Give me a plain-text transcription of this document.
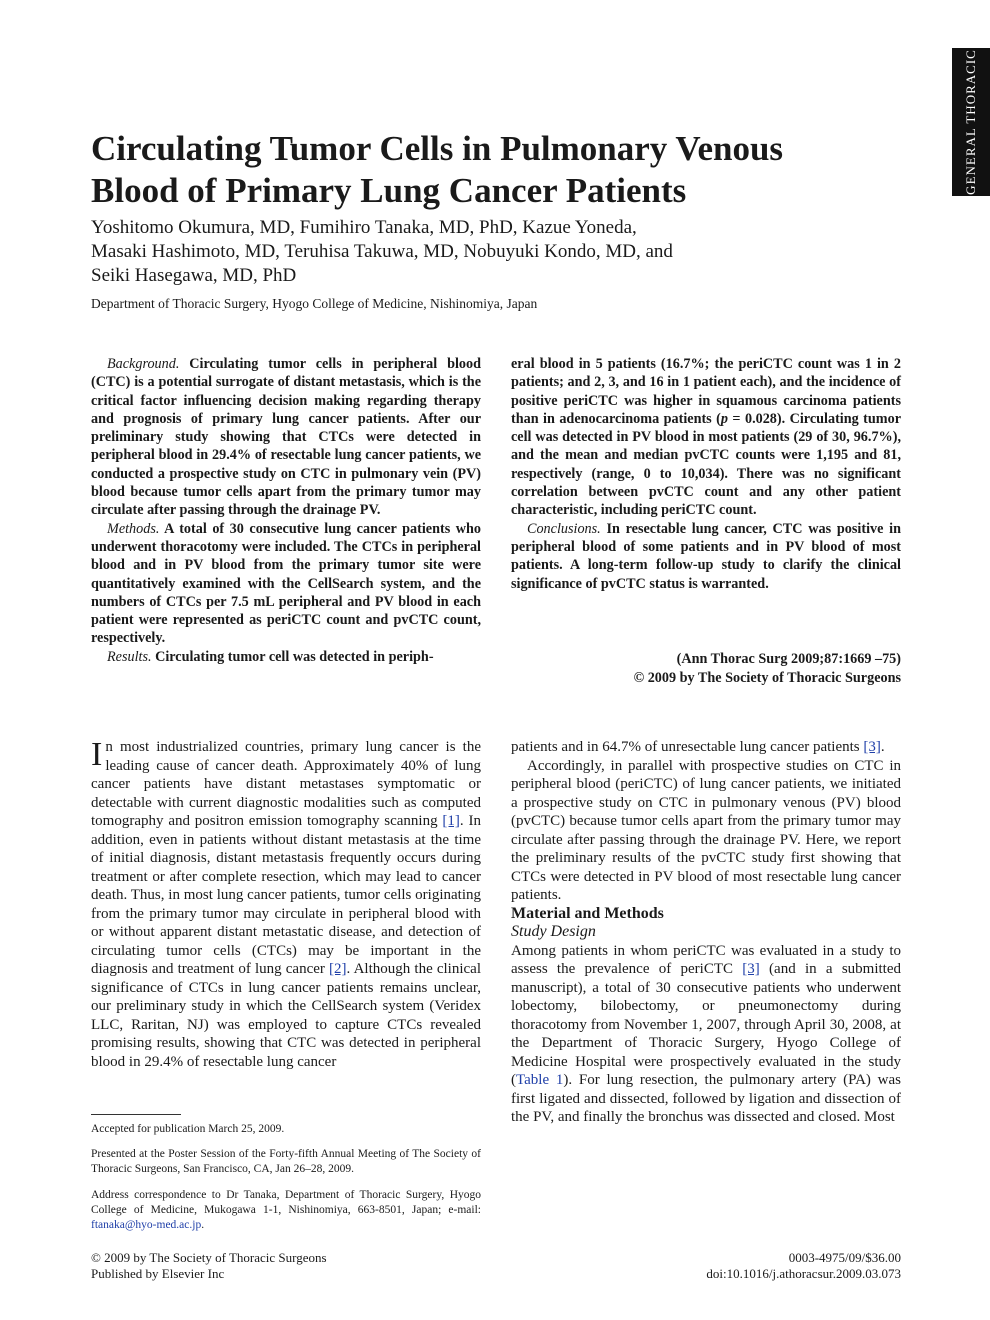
GENERAL THORACIC
Circulating Tumor Cells in Pulmonary Venous
Blood of Primary Lung Cancer Patients

Yoshitomo Okumura, MD, Fumihiro Tanaka, MD, PhD, Kazue Yoneda,
Masaki Hashimoto, MD, Teruhisa Takuwa, MD, Nobuyuki Kondo, MD, and
Seiki Hasegawa, MD, PhD

Department of Thoracic Surgery, Hyogo College of Medicine, Nishinomiya, Japan

Background. Circulating tumor cells in peripheral blood (CTC) is a potential surrogate of distant metastasis, which is the critical factor influencing decision making regarding therapy and prognosis of primary lung cancer patients. After our preliminary study showing that CTCs were detected in peripheral blood in 29.4% of resectable lung cancer patients, we conducted a prospective study on CTC in pulmonary vein (PV) blood because tumor cells apart from the primary tumor may circulate after passing through the drainage PV.

Methods. A total of 30 consecutive lung cancer patients who underwent thoracotomy were included. The CTCs in peripheral blood and in PV blood from the primary tumor site were quantitatively examined with the CellSearch system, and the numbers of CTCs per 7.5 mL peripheral and PV blood in each patient were represented as periCTC count and pvCTC count, respectively.

Results. Circulating tumor cell was detected in periph-

eral blood in 5 patients (16.7%; the periCTC count was 1 in 2 patients; and 2, 3, and 16 in 1 patient each), and the incidence of positive periCTC was higher in squamous carcinoma patients than in adenocarcinoma patients (p = 0.028). Circulating tumor cell was detected in PV blood in most patients (29 of 30, 96.7%), and the mean and median pvCTC counts were 1,195 and 81, respectively (range, 0 to 10,034). There was no significant correlation between pvCTC count and any other patient characteristic, including periCTC count.

Conclusions. In resectable lung cancer, CTC was positive in peripheral blood of some patients and in PV blood of most patients. A long-term follow-up study to clarify the clinical significance of pvCTC status is warranted.

(Ann Thorac Surg 2009;87:1669 –75)
© 2009 by The Society of Thoracic Surgeons

In most industrialized countries, primary lung cancer is the leading cause of cancer death. Approximately 40% of lung cancer patients have distant metastases symptomatic or detectable with current diagnostic modalities such as computed tomography and positron emission tomography scanning [1]. In addition, even in patients without distant metastasis at the time of initial diagnosis, distant metastasis frequently occurs during treatment or after complete resection, which may lead to cancer death. Thus, in most lung cancer patients, tumor cells originating from the primary tumor may circulate in peripheral blood with or without apparent distant metastatic disease, and detection of circulating tumor cells (CTCs) may be important in the diagnosis and treatment of lung cancer [2]. Although the clinical significance of CTCs in lung cancer patients remains unclear, our preliminary study in which the CellSearch system (Veridex LLC, Raritan, NJ) was employed to capture CTCs revealed promising results, showing that CTC was detected in peripheral blood in 29.4% of resectable lung cancer

patients and in 64.7% of unresectable lung cancer patients [3].

Accordingly, in parallel with prospective studies on CTC in peripheral blood (periCTC) of lung cancer patients, we initiated a prospective study on CTC in pulmonary venous (PV) blood (pvCTC) because tumor cells apart from the primary tumor may circulate after passing through the drainage PV. Here, we report the preliminary results of the pvCTC study first showing that CTCs were detected in PV blood of most resectable lung cancer patients.

Material and Methods

Study Design

Among patients in whom periCTC was evaluated in a study to assess the prevalence of periCTC [3] (and in a submitted manuscript), a total of 30 consecutive patients who underwent lobectomy, bilobectomy, or pneumonectomy during thoracotomy from November 1, 2007, through April 30, 2008, at the Department of Thoracic Surgery, Hyogo College of Medicine Hospital were prospectively evaluated in the study (Table 1). For lung resection, the pulmonary artery (PA) was first ligated and dissected, followed by ligation and dissection of the PV, and finally the bronchus was dissected and closed. Most

Accepted for publication March 25, 2009.

Presented at the Poster Session of the Forty-fifth Annual Meeting of The Society of Thoracic Surgeons, San Francisco, CA, Jan 26–28, 2009.

Address correspondence to Dr Tanaka, Department of Thoracic Surgery, Hyogo College of Medicine, Mukogawa 1-1, Nishinomiya, 663-8501, Japan; e-mail: ftanaka@hyo-med.ac.jp.

© 2009 by The Society of Thoracic Surgeons
Published by Elsevier Inc
0003-4975/09/$36.00
doi:10.1016/j.athoracsur.2009.03.073
